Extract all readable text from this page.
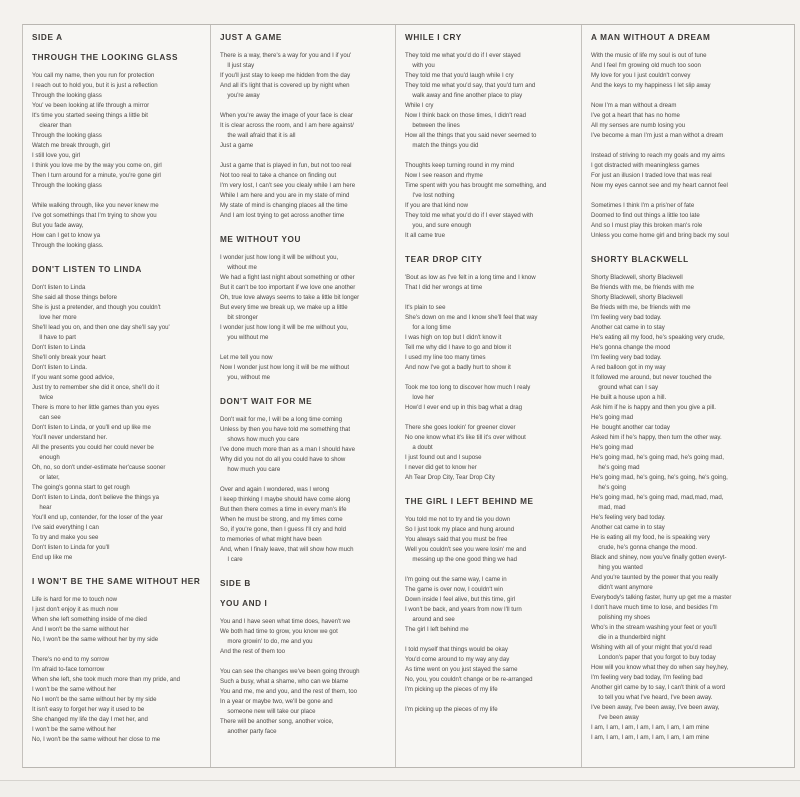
SIDE A
THROUGH THE LOOKING GLASS
You call my name, then you run for protection
I reach out to hold you, but it is just a reflection
Through the looking glass
You' ve been looking at life through a mirror
It's time you started seeing things a little bit
clearer than
Through the looking glass
Watch me break through, girl
I still love you, girl
I think you love me by the way you come on, girl
Then I turn around for a minute, you're gone girl
Through the looking glass
While walking through, like you never knew me
I've got somethings that I'm trying to show you
But you fade away,
How can I get to know ya
Through the looking glass.
DON'T LISTEN TO LINDA
Don't listen to Linda
She said all those things before
She is just a pretender, and though you couldn't
love her more
She'll lead you on, and then one day she'll say you'
ll have to part
Don't listen to Linda
She'll only break your heart
Don't listen to Linda.
If you want some good advice,
Just try to remember she did it once, she'll do it
twice
There is more to her little games than you eyes
can see
Don't listen to Linda, or you'll end up like me
You'll never understand her.
All the presents you could her could never be
enough
Oh, no, so don't under-estimate her'cause sooner
or later,
The going's gonna start to get rough
Don't listen to Linda, don't believe the things ya
hear
You'll end up, contender, for the loser of the year
I've said everything I can
To try and make you see
Don't listen to Linda for you'll
End up like me
I WON'T BE THE SAME WITHOUT HER
Life is hard for me to touch now
I just don't enjoy it as much now
When she left something inside of me died
And I won't be the same without her
No, I won't be the same without her by my side
There's no end to my sorrow
I'm afraid to-face tomorrow
When she left, she took much more than my pride, and
I won't be the same without her
No I won't be the same without her by my side
It isn't easy to forget her way it used to be
She changed my life the day I met her, and
I won't be the same without her
No, I won't be the same without her close to me
JUST A GAME
There is a way, there's a way for you and I if you'
ll just stay
If you'll just stay to keep me hidden from the day
And all it's light that is covered up by night when
you're away
When you're away the image of your face is clear
It is clear across the room, and I am here against/
the wall afraid that it is all
Just a game
Just a game that is played in fun, but not too real
Not too real to take a chance on finding out
I'm very lost, I can't see you clealy while I am here
While I am here and you are in my state of mind
My state of mind is changing places all the time
And I am lost trying to get across another time
ME WITHOUT YOU
I wonder just how long it will be without you,
without me
We had a fight last night about something or other
But it can't be too important if we love one another
Oh, true love always seems to take a little bit longer
But every time we break up, we make up a little
bit stronger
I wonder just how long it will be me without you,
you without me
Let me tell you now
Now I wonder just how long it will be me without
you, without me
DON'T WAIT FOR ME
Don't wait for me, I will be a long time coming
Unless by then you have told me something that
shows how much you care
I've done much more than as a man I should have
Why did you not do all you could have to show
how much you care
Over and again I wondered, was I wrong
I keep thinking I maybe should have come along
But then there comes a time in every man's life
When he must be strong, and my times come
So, if you're gone, then I guess I'll cry and hold
to memories of what might have been
And, when I finaly leave, that will show how much
I care
SIDE B
YOU AND I
You and I have seen what time does, haven't we
We both had time to grow, you know we got
more growin' to do, me and you
And the rest of them too
You can see the changes we've been going through
Such a busy, what a shame, who can we blame
You and me, me and you, and the rest of them, too
In a year or maybe two, we'll be gone and
someone new will take our place
There will be another song, another voice,
another party face
WHILE I CRY
They told me what you'd do if I ever stayed
with you
They told me that you'd laugh while I cry
They told me what you'd say, that you'd turn and
walk away and fine another place to play
While I cry
Now I think back on those times, I didn't read
between the lines
How all the things that you said never seemed to
match the things you did
Thoughts keep turning round in my mind
Now I see reason and rhyme
Time spent with you has brought me something, and
I've lost nothing
If you are that kind now
They told me what you'd do if I ever stayed with
you, and sure enough
It all came true
TEAR DROP CITY
'Bout as low as I've felt in a long time and I know
That I did her wrongs at time
It's plain to see
She's down on me and I know she'll feel that way
for a long time
I was high on top but I didn't know it
Tell me why did I have to go and blow it
I used my line too many times
And now I've got a badly hurt to show it
Took me too long to discover how much I realy
love her
How'd I ever end up in this bag what a drag
There she goes lookin' for greener clover
No one know what it's like till it's over without
a doubt
I just found out and I supose
I never did get to know her
Ah Tear Drop City, Tear Drop City
THE GIRL I LEFT BEHIND ME
You told me not to try and tie you down
So I just took my place and hung around
You always said that you must be free
Well you couldn't see you were losin' me and
messing up the one good thing we had
I'm going out the same way, I came in
The game is over now, I couldn't win
Down inside I feel alive, but this time, girl
I won't be back, and years from now I'll turn
around and see
The girl I left behind me
I told myself that things would be okay
You'd come around to my way any day
As time went on you just stayed the same
No, you, you couldn't change or be re-arranged
I'm picking up the pieces of my life
I'm picking up the pieces of my life
A MAN WITHOUT A DREAM
With the music of life my soul is out of tune
And I feel I'm growing old much too soon
My love for you I just couldn't convey
And the keys to my happiness I let slip away
Now I'm a man without a dream
I've got a heart that has no home
All my senses are numb losing you
I've become a man I'm just a man withot a dream
Instead of striving to reach my goals and my aims
I got distracted with meaningless games
For just an illusion I traded love that was real
Now my eyes cannot see and my heart cannot feel
Sometimes I think I'm a pris'ner of fate
Doomed to find out things a little too late
And so I must play this broken man's role
Unless you come home girl and bring back my soul
SHORTY BLACKWELL
Shorty Blackwell, shorty Blackwell
Be friends with me, be friends with me
Shorty Blackwell, shorty Blackwell
Be frieds with me, be friends with me
I'm feeling very bad today.
Another cat came in to stay
He's eating all my food, he's speaking very crude,
He's gonna change the mood
I'm feeling very bad today.
A red balloon got in my way
It followed me around, but never touched the
ground what can I say
He built a house upon a hill.
Ask him if he is happy and then you give a pill.
He's going mad
He  bought another car today
Asked him if he's happy, then turn the other way.
He's going mad
He's going mad, he's going mad, he's going mad,
he's going mad
He's going mad, he's going, he's going, he's going,
he's going
He's going mad, he's going mad, mad,mad, mad,
mad, mad
He's feeling very bad today.
Another cat came in to stay
He is eating all my food, he is speaking very
crude, he's gonna change the mood.
Black and shiney, now you've finally gotten everyt-
hing you wanted
And you're taunted by the power that you really
didn't want anymore
Everybody's talking faster, hurry up get me a master
I don't have much time to lose, and besides I'm
polishing my shoes
Who's in the stream washing your feet or you'll
die in a thunderbird night
Wishing with all of your might that you'd read
London's paper that you forgot to buy today
How will you know what they do when say hey,hey,
I'm feeling very bad today, I'm feeling bad
Another girl came by to say, I can't think of a word
to tell you what I've heard, I've been away.
I've been away, I've been away, I've been away,
I've been away
I am, I am, I am, I am, I am, I am, I am mine
I am, I am, I am, I am, I am, I am, I am mine
